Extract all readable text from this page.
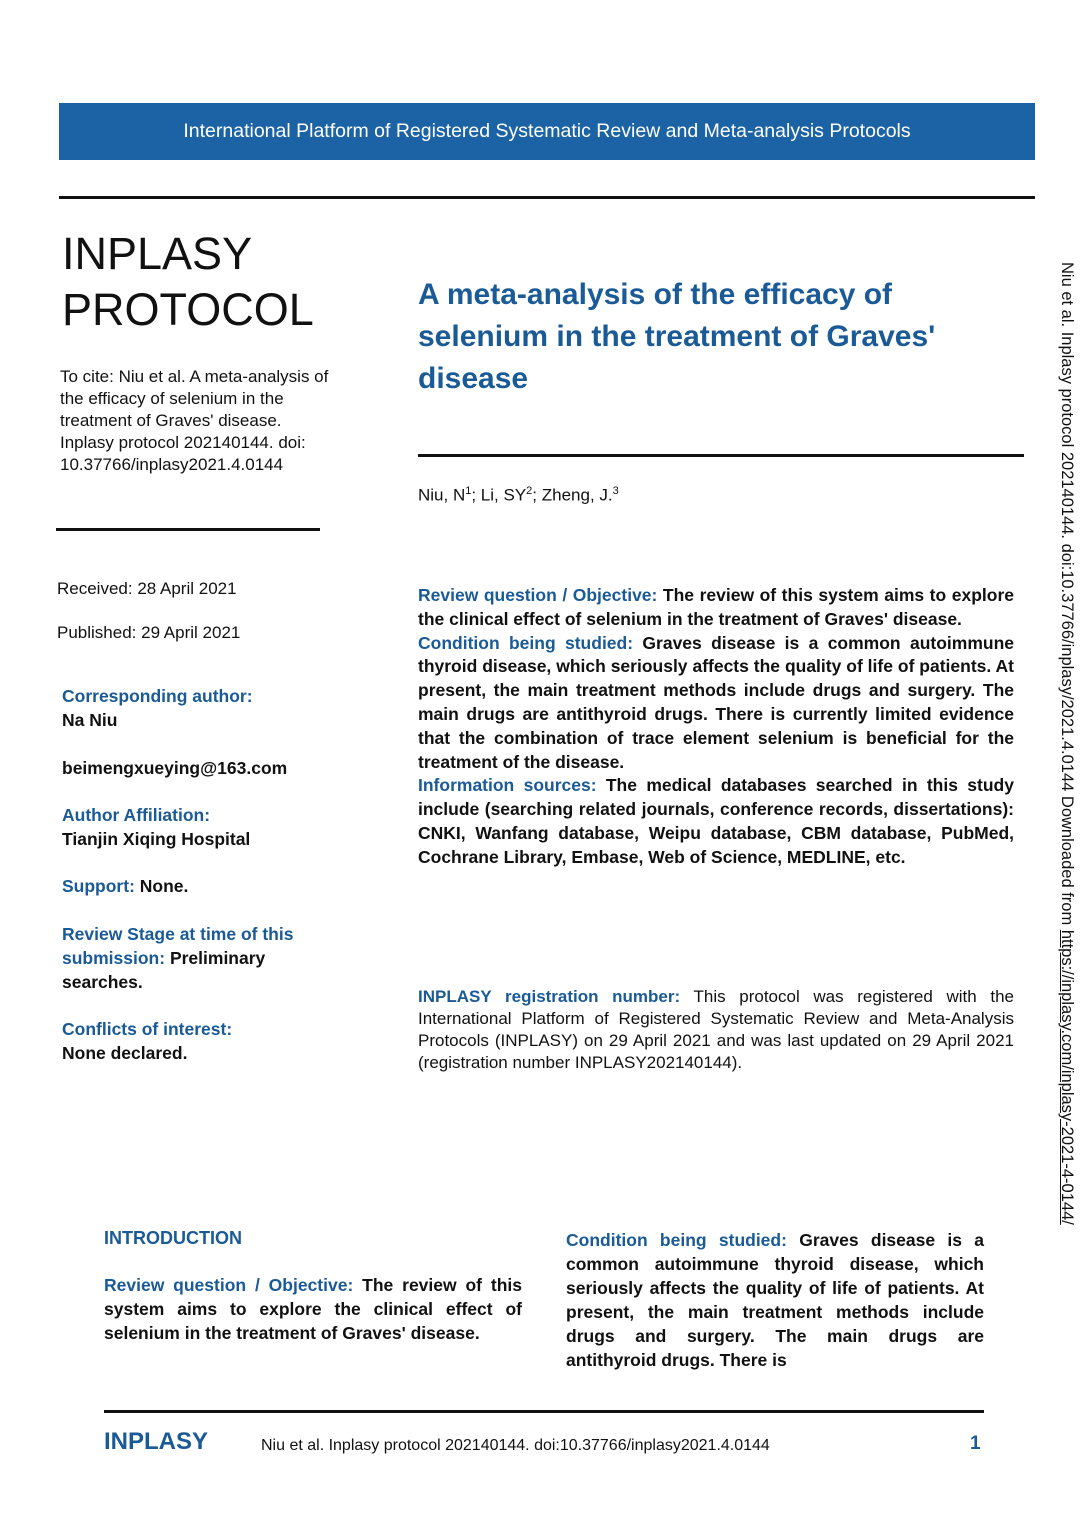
International Platform of Registered Systematic Review and Meta-analysis Protocols
INPLASY
PROTOCOL
To cite: Niu et al. A meta-analysis of the efficacy of selenium in the treatment of Graves' disease. Inplasy protocol 202140144. doi: 10.37766/inplasy2021.4.0144
A meta-analysis of the efficacy of selenium in the treatment of Graves' disease
Niu, $N^1$; Li, $SY^2$; Zheng, J.$^3$
Received: 28 April 2021
Published: 29 April 2021
Corresponding author:
Na Niu
beimengxueying@163.com
Author Affiliation:
Tianjin Xiqing Hospital
Support: None.
Review Stage at time of this submission: Preliminary searches.
Conflicts of interest:
None declared.

Review question / Objective: The review of this system aims to explore the clinical effect of selenium in the treatment of Graves' disease.

Condition being studied: Graves disease is a common autoimmune thyroid disease, which seriously affects the quality of life of patients. At present, the main treatment methods include drugs and surgery. The main drugs are antithyroid drugs. There is currently limited evidence that the combination of trace element selenium is beneficial for the treatment of the disease.

Information sources: The medical databases searched in this study include (searching related journals, conference records, dissertations): CNKI, Wanfang database, Weipu database, CBM database, PubMed, Cochrane Library, Embase, Web of Science, MEDLINE, etc.

INPLASY registration number: This protocol was registered with the International Platform of Registered Systematic Review and Meta-Analysis Protocols (INPLASY) on 29 April 2021 and was last updated on 29 April 2021 (registration number INPLASY202140144).
INTRODUCTION
Review question / Objective: The review of this system aims to explore the clinical effect of selenium in the treatment of Graves' disease.
Condition being studied: Graves disease is a common autoimmune thyroid disease, which seriously affects the quality of life of patients. At present, the main treatment methods include drugs and surgery. The main drugs are antithyroid drugs. There is
INPLASY	Niu et al. Inplasy protocol 202140144. doi:10.37766/inplasy2021.4.0144	1
Niu et al. Inplasy protocol 202140144. doi:10.37766/inplasy/2021.4.0144 Downloaded from https://inplasy.com/inplasy-2021-4-0144/
